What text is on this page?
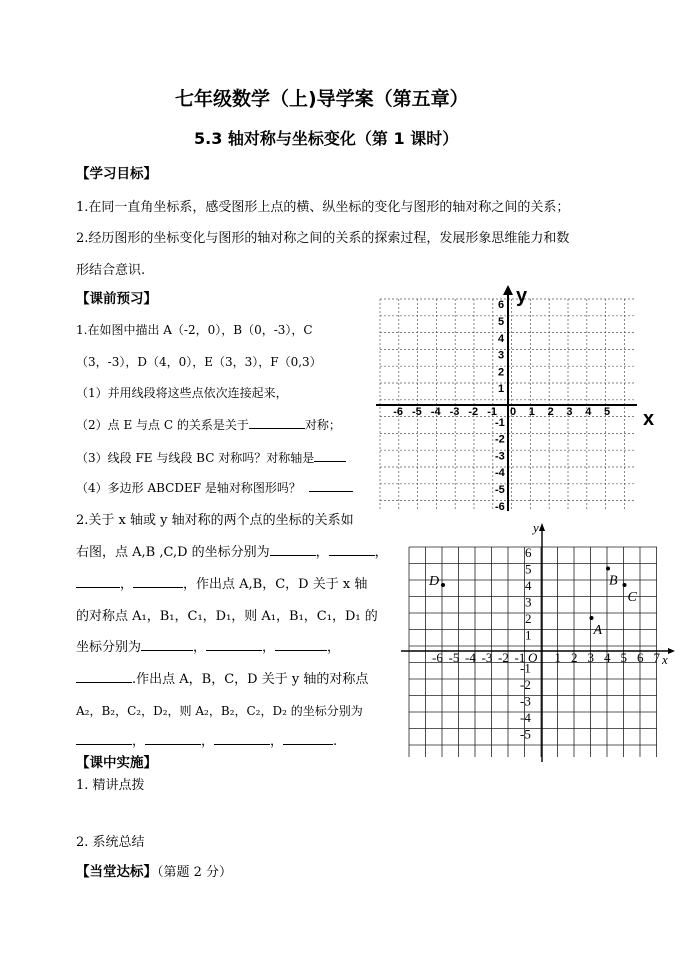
七年级数学（上)导学案（第五章）
5.3 轴对称与坐标变化（第 1 课时）
【学习目标】
1.在同一直角坐标系，感受图形上点的横、纵坐标的变化与图形的轴对称之间的关系；
2.经历图形的坐标变化与图形的轴对称之间的关系的探索过程，发展形象思维能力和数
形结合意识.
【课前预习】
1.在如图中描出 A（-2，0），B（0，-3），C
（3，-3），D（4，0），E（3，3），F（0,3）
（1）并用线段将这些点依次连接起来，
（2）点 E 与点 C 的关系是关于	对称；
（3）线段 FE 与线段 BC 对称吗？对称轴是
（4）多边形 ABCDEF 是轴对称图形吗？
2.关于 x 轴或 y 轴对称的两个点的坐标的关系如
右图，点 A,B ,C,D 的坐标分别为	，	，
，	，作出点 A,B，C，D 关于 x 轴
的对称点 A₁，B₁，C₁，D₁，则 A₁，B₁，C₁，D₁ 的
坐标分别为	，	，	，
.作出点 A，B，C，D 关于 y 轴的对称点
A₂，B₂，C₂，D₂，则 A₂，B₂，C₂，D₂ 的坐标分别为
，	，	，	.
【课中实施】
1. 精讲点拨
2. 系统总结
【当堂达标】（第题 2 分）
x
y
-6 -5 -4 -3 -2 -1 0 1 2 3 4 5
6
5
4
3
2
1
-1
-2
-3
-4
-5
-6
x
y
O
-6 -5 -4 -3 -2 -1 1 2 3 4 5 6 7
6
5
4
3
2
1
-1
-2
-3
-4
-5
A
B
C
D
